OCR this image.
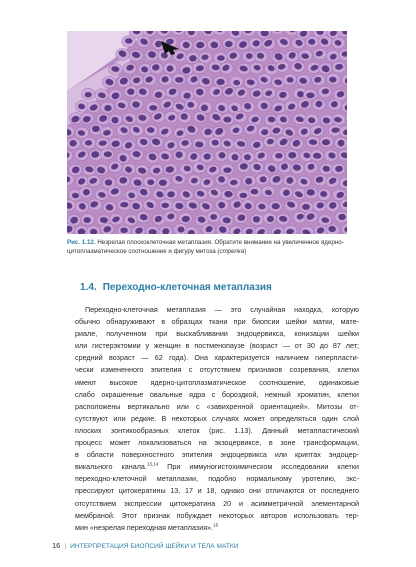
Рис. 1.12. Незрелая плоскоклеточная метаплазия. Обратите внимание на увеличенное ядерно-цитоплазматическое соотношение и фигуру митоза (стрелка)
1.4. Переходно-клеточная метаплазия
Переходно-клеточная метаплазия — это случайная находка, которую
обычно обнаруживают в образцах ткани при биопсии шейки матки, мате-
риале, полученном при выскабливании эндоцервикса, конизации шейки
или гистерэктомии у женщин в постменопаузе (возраст — от 30 до 87 лет;
средний возраст — 62 года). Она характеризуется наличием гиперпласти-
чески измененного эпителия с отсутствием признаков созревания, клетки
имеют высокое ядерно-цитоплазматическое соотношение, одинаковые
слабо окрашенные овальные ядра с бороздкой, нежный хроматин, клетки
расположены вертикально или с «завихренной ориентацией». Митозы от-
сутствуют или редкие. В некоторых случаях может определяться один слой
плоских зонтикообразных клеток (рис. 1.13). Данный метапластический
процесс может локализоваться на экзоцервиксе, в зоне трансформации,
в области поверхностного эпителия эндоцервикса или криптах эндоцер-
викального канала.$^{13,14}$ При иммуногистохимическом исследовании клетки
переходно-клеточной метаплазии, подобно нормальному уротелию, экс-
прессируют цитокератины 13, 17 и 18, однако они отличаются от последнего
отсутствием экспрессии цитокератина 20 и асимметричной элементарной
мембраной. Этот признак побуждает некоторых авторов использовать тер-
мин «незрелая переходная метаплазия».$^{15}$
16 | ИНТЕРПРЕТАЦИЯ БИОПСИЙ ШЕЙКИ И ТЕЛА МАТКИ
